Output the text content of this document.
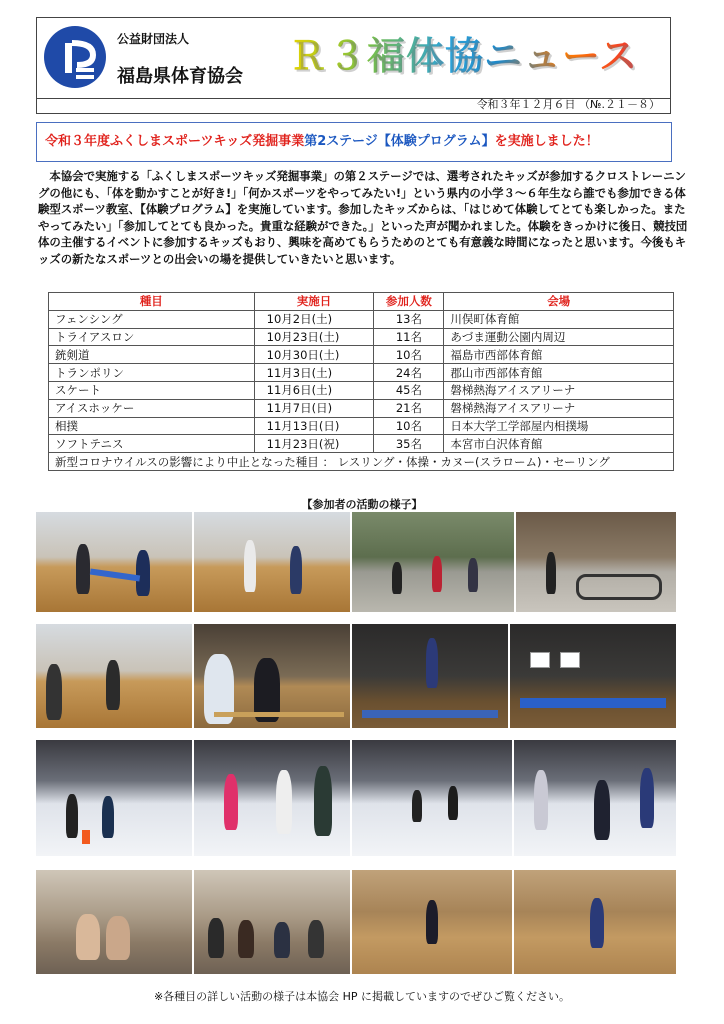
公益財団法人
福島県体育協会 Ｒ３福体協ニュース
令和３年１２月６日 （№.２１－８）
令和３年度ふくしまスポーツキッズ発掘事業第2ステージ【体験プログラム】を実施しました！

本協会で実施する「ふくしまスポーツキッズ発掘事業」の第２ステージでは、選考されたキッズが参加するクロストレーニングの他にも、「体を動かすことが好き!」「何かスポーツをやってみたい!」という県内の小学３～６年生なら誰でも参加できる体験型スポーツ教室、【体験プログラム】を実施しています。参加したキッズからは、「はじめて体験してとても楽しかった。またやってみたい」「参加してとても良かった。貴重な経験ができた。」といった声が聞かれました。体験をきっかけに後日、競技団体の主催するイベントに参加するキッズもおり、興味を高めてもらうためのとても有意義な時間になったと思います。今後もキッズの新たなスポーツとの出会いの場を提供していきたいと思います。

種目	実施日	参加人数	会場
フェンシング	10月2日(土)	13名	川俣町体育館
トライアスロン	10月23日(土)	11名	あづま運動公園内周辺
銃剣道	10月30日(土)	10名	福島市西部体育館
トランポリン	11月3日(土)	24名	郡山市西部体育館
スケート	11月6日(土)	45名	磐梯熱海アイスアリーナ
アイスホッケー	11月7日(日)	21名	磐梯熱海アイスアリーナ
相撲	11月13日(日)	10名	日本大学工学部屋内相撲場
ソフトテニス	11月23日(祝)	35名	本宮市白沢体育館
新型コロナウイルスの影響により中止となった種目 ： レスリング・体操・カヌー(スラローム)・セーリング			
【参加者の活動の様子】
※各種目の詳しい活動の様子は本協会 HP に掲載していますのでぜひご覧ください。
